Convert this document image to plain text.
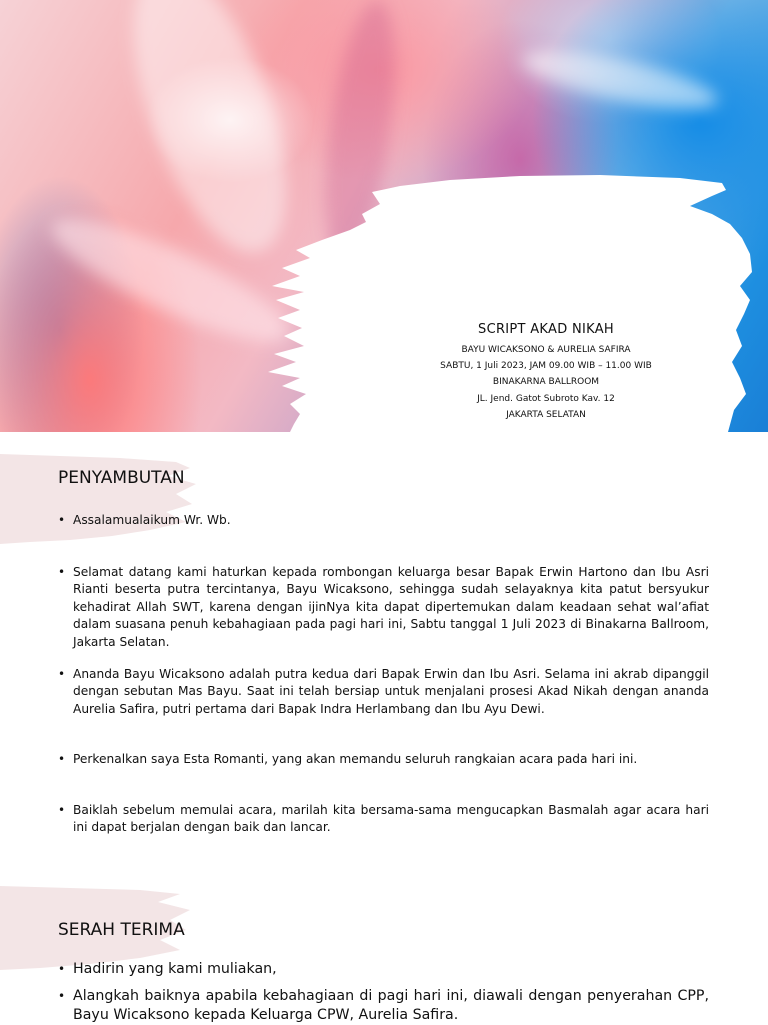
SCRIPT AKAD NIKAH
BAYU WICAKSONO & AURELIA SAFIRA
SABTU, 1 Juli 2023, JAM 09.00 WIB – 11.00 WIB
BINAKARNA BALLROOM
JL. Jend. Gatot Subroto Kav. 12
JAKARTA SELATAN
PENYAMBUTAN
• Assalamualaikum Wr. Wb.
• Selamat datang kami haturkan kepada rombongan keluarga besar Bapak Erwin Hartono dan Ibu Asri Rianti beserta putra tercintanya, Bayu Wicaksono, sehingga sudah selayaknya kita patut bersyukur kehadirat Allah SWT, karena dengan ijinNya kita dapat dipertemukan dalam keadaan sehat wal’afiat dalam suasana penuh kebahagiaan pada pagi hari ini, Sabtu tanggal 1 Juli 2023 di Binakarna Ballroom, Jakarta Selatan.
• Ananda Bayu Wicaksono adalah putra kedua dari Bapak Erwin dan Ibu Asri. Selama ini akrab dipanggil dengan sebutan Mas Bayu. Saat ini telah bersiap untuk menjalani prosesi Akad Nikah dengan ananda Aurelia Safira, putri pertama dari Bapak Indra Herlambang dan Ibu Ayu Dewi.
• Perkenalkan saya Esta Romanti, yang akan memandu seluruh rangkaian acara pada hari ini.
• Baiklah sebelum memulai acara, marilah kita bersama-sama mengucapkan Basmalah agar acara hari ini dapat berjalan dengan baik dan lancar.
SERAH TERIMA
• Hadirin yang kami muliakan,
• Alangkah baiknya apabila kebahagiaan di pagi hari ini, diawali dengan penyerahan CPP, Bayu Wicaksono kepada Keluarga CPW, Aurelia Safira.
